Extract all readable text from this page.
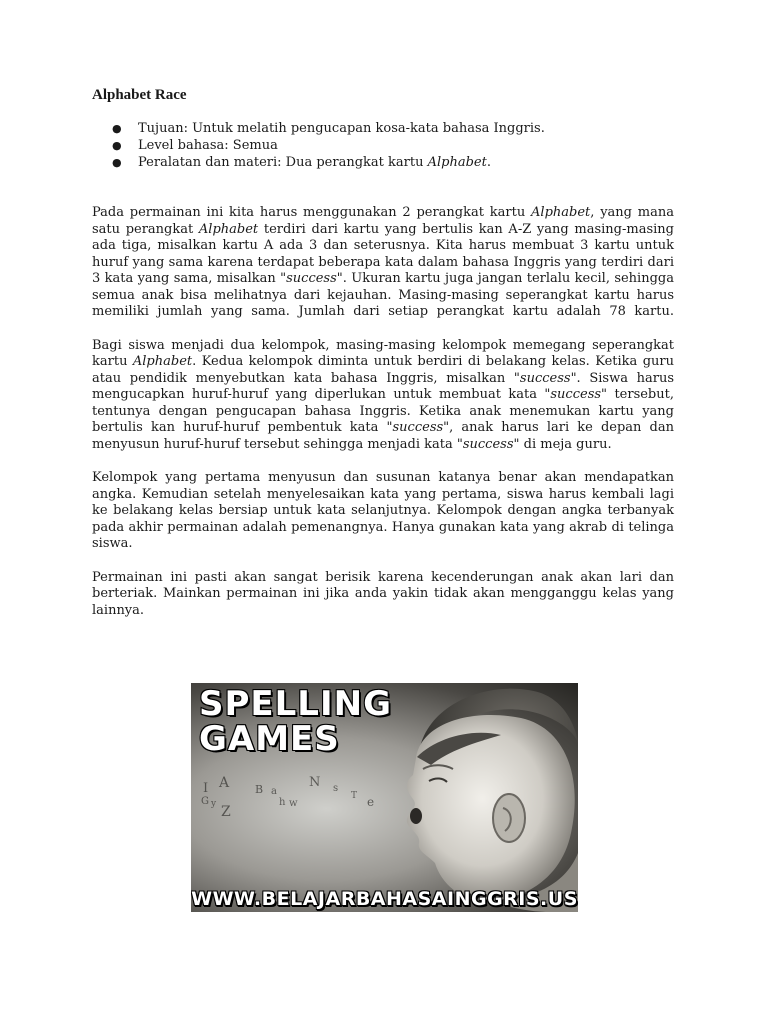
Alphabet Race
● Tujuan: Untuk melatih pengucapan kosa-kata bahasa Inggris.
● Level bahasa: Semua
● Peralatan dan materi: Dua perangkat kartu Alphabet.

Pada permainan ini kita harus menggunakan 2 perangkat kartu Alphabet, yang mana satu perangkat Alphabet terdiri dari kartu yang bertulis kan A-Z yang masing-masing ada tiga, misalkan kartu A ada 3 dan seterusnya. Kita harus membuat 3 kartu untuk huruf yang sama karena terdapat beberapa kata dalam bahasa Inggris yang terdiri dari 3 kata yang sama, misalkan "success". Ukuran kartu juga jangan terlalu kecil, sehingga semua anak bisa melihatnya dari kejauhan. Masing-masing seperangkat kartu harus memiliki jumlah yang sama. Jumlah dari setiap perangkat kartu adalah 78 kartu.

Bagi siswa menjadi dua kelompok, masing-masing kelompok memegang seperangkat kartu Alphabet. Kedua kelompok diminta untuk berdiri di belakang kelas. Ketika guru atau pendidik menyebutkan kata bahasa Inggris, misalkan "success". Siswa harus mengucapkan huruf-huruf yang diperlukan untuk membuat kata "success" tersebut, tentunya dengan pengucapan bahasa Inggris. Ketika anak menemukan kartu yang bertulis kan huruf-huruf pembentuk kata "success", anak harus lari ke depan dan menyusun huruf-huruf tersebut sehingga menjadi kata "success" di meja guru.

Kelompok yang pertama menyusun dan susunan katanya benar akan mendapatkan angka. Kemudian setelah menyelesaikan kata yang pertama, siswa harus kembali lagi ke belakang kelas bersiap untuk kata selanjutnya. Kelompok dengan angka terbanyak pada akhir permainan adalah pemenangnya. Hanya gunakan kata yang akrab di telinga siswa.

Permainan ini pasti akan sangat berisik karena kecenderungan anak akan lari dan berteriak. Mainkan permainan ini jika anda yakin tidak akan mengganggu kelas yang lainnya.

SPELLING
GAMES
I A	N
B a
G y Z
s
h w
T e
WWW.BELAJARBAHASAINGGRIS.US
